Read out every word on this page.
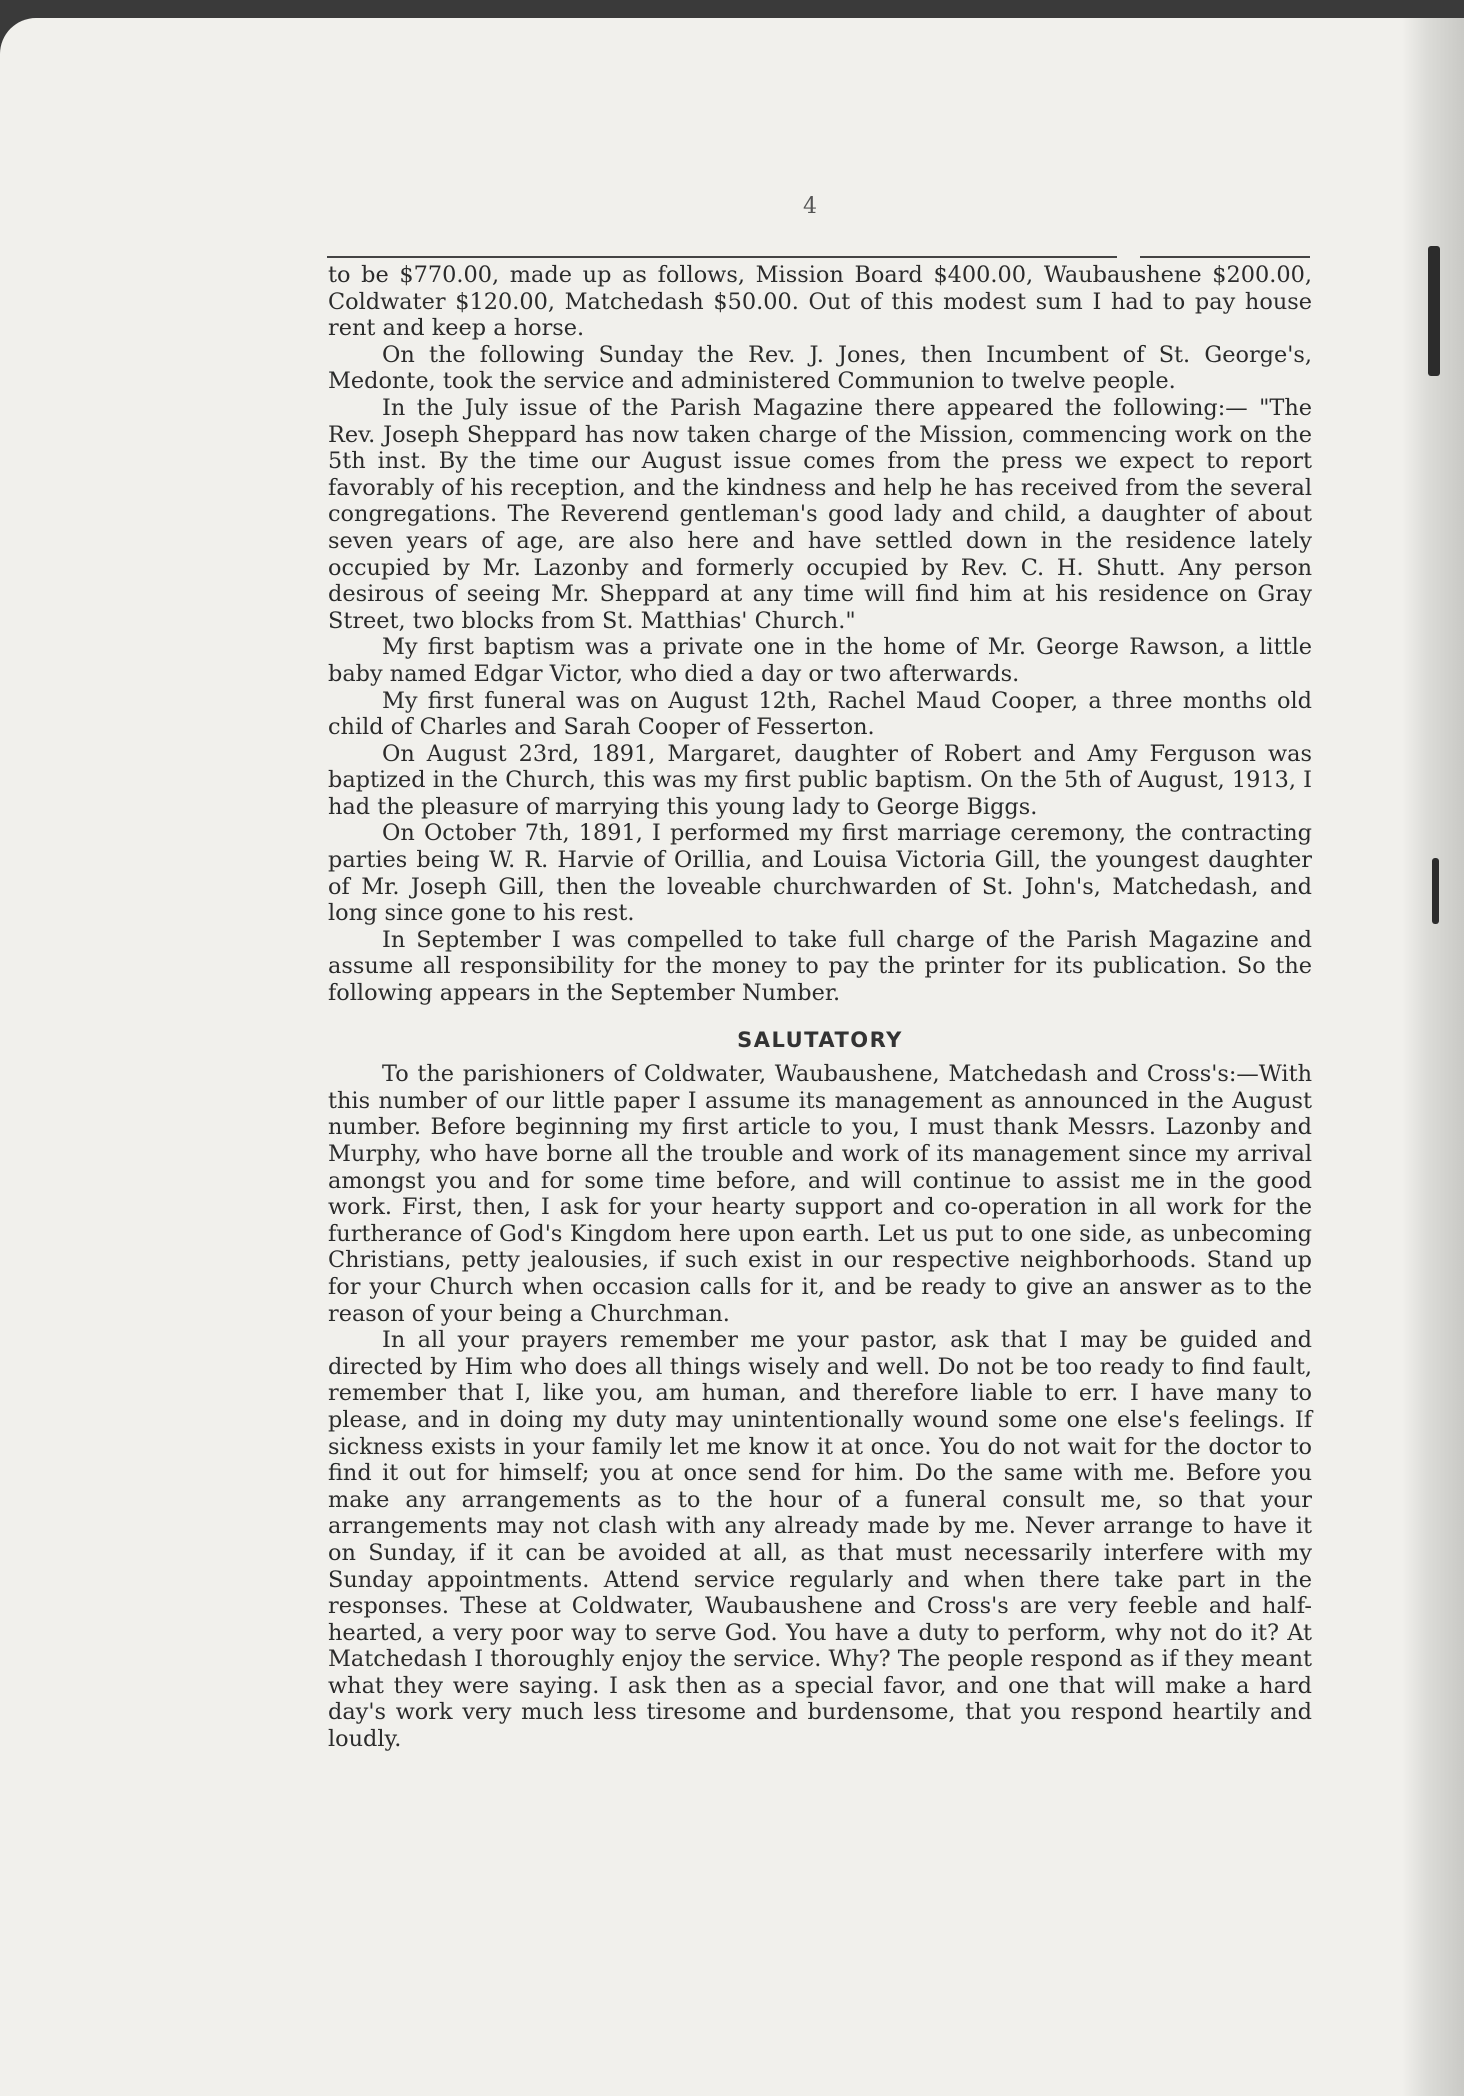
4

to be $770.00, made up as follows, Mission Board $400.00, Waubaushene $200.00, Coldwater $120.00, Matchedash $50.00. Out of this modest sum I had to pay house rent and keep a horse.

On the following Sunday the Rev. J. Jones, then Incumbent of St. George's, Medonte, took the service and administered Communion to twelve people.

In the July issue of the Parish Magazine there appeared the following:— "The Rev. Joseph Sheppard has now taken charge of the Mission, commencing work on the 5th inst. By the time our August issue comes from the press we expect to report favorably of his reception, and the kindness and help he has received from the several congregations. The Reverend gentleman's good lady and child, a daughter of about seven years of age, are also here and have settled down in the residence lately occupied by Mr. Lazonby and formerly occupied by Rev. C. H. Shutt. Any person desirous of seeing Mr. Sheppard at any time will find him at his residence on Gray Street, two blocks from St. Matthias' Church."

My first baptism was a private one in the home of Mr. George Rawson, a little baby named Edgar Victor, who died a day or two afterwards.

My first funeral was on August 12th, Rachel Maud Cooper, a three months old child of Charles and Sarah Cooper of Fesserton.

On August 23rd, 1891, Margaret, daughter of Robert and Amy Ferguson was baptized in the Church, this was my first public baptism. On the 5th of August, 1913, I had the pleasure of marrying this young lady to George Biggs.

On October 7th, 1891, I performed my first marriage ceremony, the contracting parties being W. R. Harvie of Orillia, and Louisa Victoria Gill, the youngest daughter of Mr. Joseph Gill, then the loveable churchwarden of St. John's, Matchedash, and long since gone to his rest.

In September I was compelled to take full charge of the Parish Magazine and assume all responsibility for the money to pay the printer for its publication. So the following appears in the September Number.

SALUTATORY

To the parishioners of Coldwater, Waubaushene, Matchedash and Cross's:—With this number of our little paper I assume its management as announced in the August number. Before beginning my first article to you, I must thank Messrs. Lazonby and Murphy, who have borne all the trouble and work of its management since my arrival amongst you and for some time before, and will continue to assist me in the good work. First, then, I ask for your hearty support and co-operation in all work for the furtherance of God's Kingdom here upon earth. Let us put to one side, as unbecoming Christians, petty jealousies, if such exist in our respective neighborhoods. Stand up for your Church when occasion calls for it, and be ready to give an answer as to the reason of your being a Churchman.

In all your prayers remember me your pastor, ask that I may be guided and directed by Him who does all things wisely and well. Do not be too ready to find fault, remember that I, like you, am human, and therefore liable to err. I have many to please, and in doing my duty may unintentionally wound some one else's feelings. If sickness exists in your family let me know it at once. You do not wait for the doctor to find it out for himself; you at once send for him. Do the same with me. Before you make any arrangements as to the hour of a funeral consult me, so that your arrangements may not clash with any already made by me. Never arrange to have it on Sunday, if it can be avoided at all, as that must necessarily interfere with my Sunday appointments. Attend service regularly and when there take part in the responses. These at Coldwater, Waubaushene and Cross's are very feeble and half-hearted, a very poor way to serve God. You have a duty to perform, why not do it? At Matchedash I thoroughly enjoy the service. Why? The people respond as if they meant what they were saying. I ask then as a special favor, and one that will make a hard day's work very much less tiresome and burdensome, that you respond heartily and loudly.
